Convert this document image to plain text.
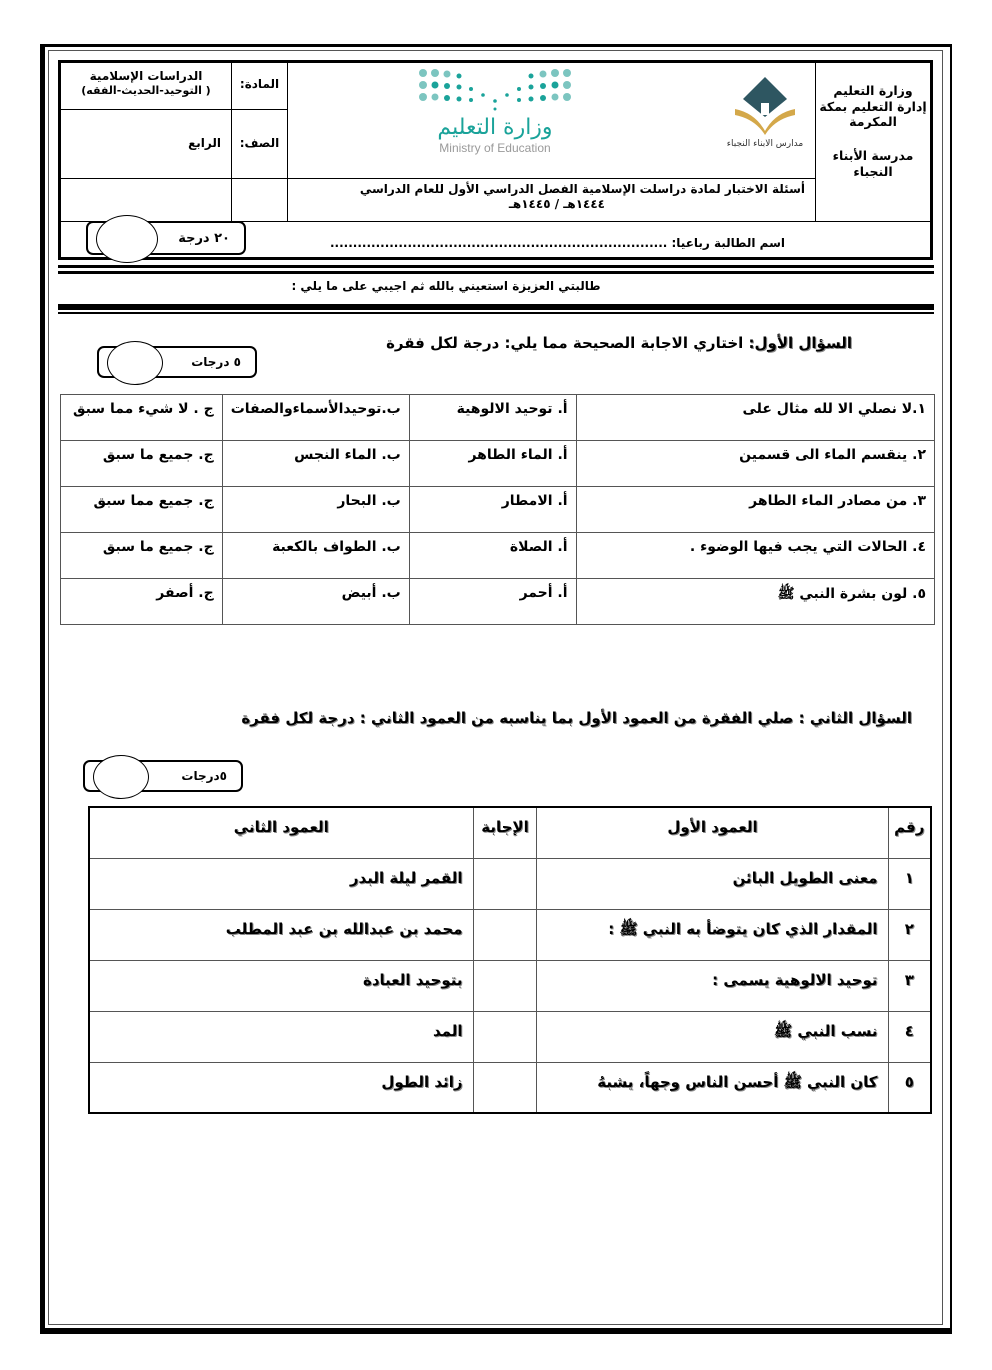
وزارة التعليم
إدارة التعليم بمكة
المكرمة
مدرسة الأبناء
النجباء
مدارس الابناء النجباء
وزارة التعليم
Ministry of Education
أسئلة الاختبار لمادة دراسلت الإسلامية الفصل الدراسي الأول للعام الدراسي
١٤٤٤هـ / ١٤٤٥هـ
المادة:
الدراسات الإسلامية
( التوحيد-الحديث-الفقه)
الصف:
الرابع
اسم الطالبة رباعيا: ..........................................................................
٢٠ درجة
طالبتي العزيزة استعيني بالله ثم اجيبي على ما يلي :
السؤال الأول: اختاري الاجابة الصحيحة مما يلي: درجة لكل فقرة
٥ درجات
١.لا نصلي الا لله مثال على	أ. توحيد الالوهية	ب.توحيدالأسماءوالصفات	ج . لا شيء مما سبق
٢. ينقسم الماء الى قسمين	أ. الماء الطاهر	ب. الماء النجس	ج. جميع ما سبق
٣. من مصادر الماء الطاهر	أ. الامطار	ب. البحار	ج. جميع مما سبق
٤. الحالات التي يجب فيها الوضوء .	أ. الصلاة	ب. الطواف بالكعبة	ج. جميع ما سبق
٥. لون بشرة النبي ﷺ	أ. أحمر	ب. أبيض	ج. أصفر
السؤال الثاني : صلي الفقرة من العمود الأول بما يناسبه من العمود الثاني : درجة لكل فقرة
٥درجات
رقم	العمود الأول	الإجابة	العمود الثاني
١	معنى الطويل البائن		القمر ليلة البدر
٢	المقدار الذي كان يتوضأ به النبي ﷺ :		محمد بن عبدالله بن عبد المطلب
٣	توحيد الالوهية يسمى :		بتوحيد العبادة
٤	نسب النبي ﷺ		المد
٥	كان النبي ﷺ أحسن الناس وجهاً، يشبهُ		زائد الطول
